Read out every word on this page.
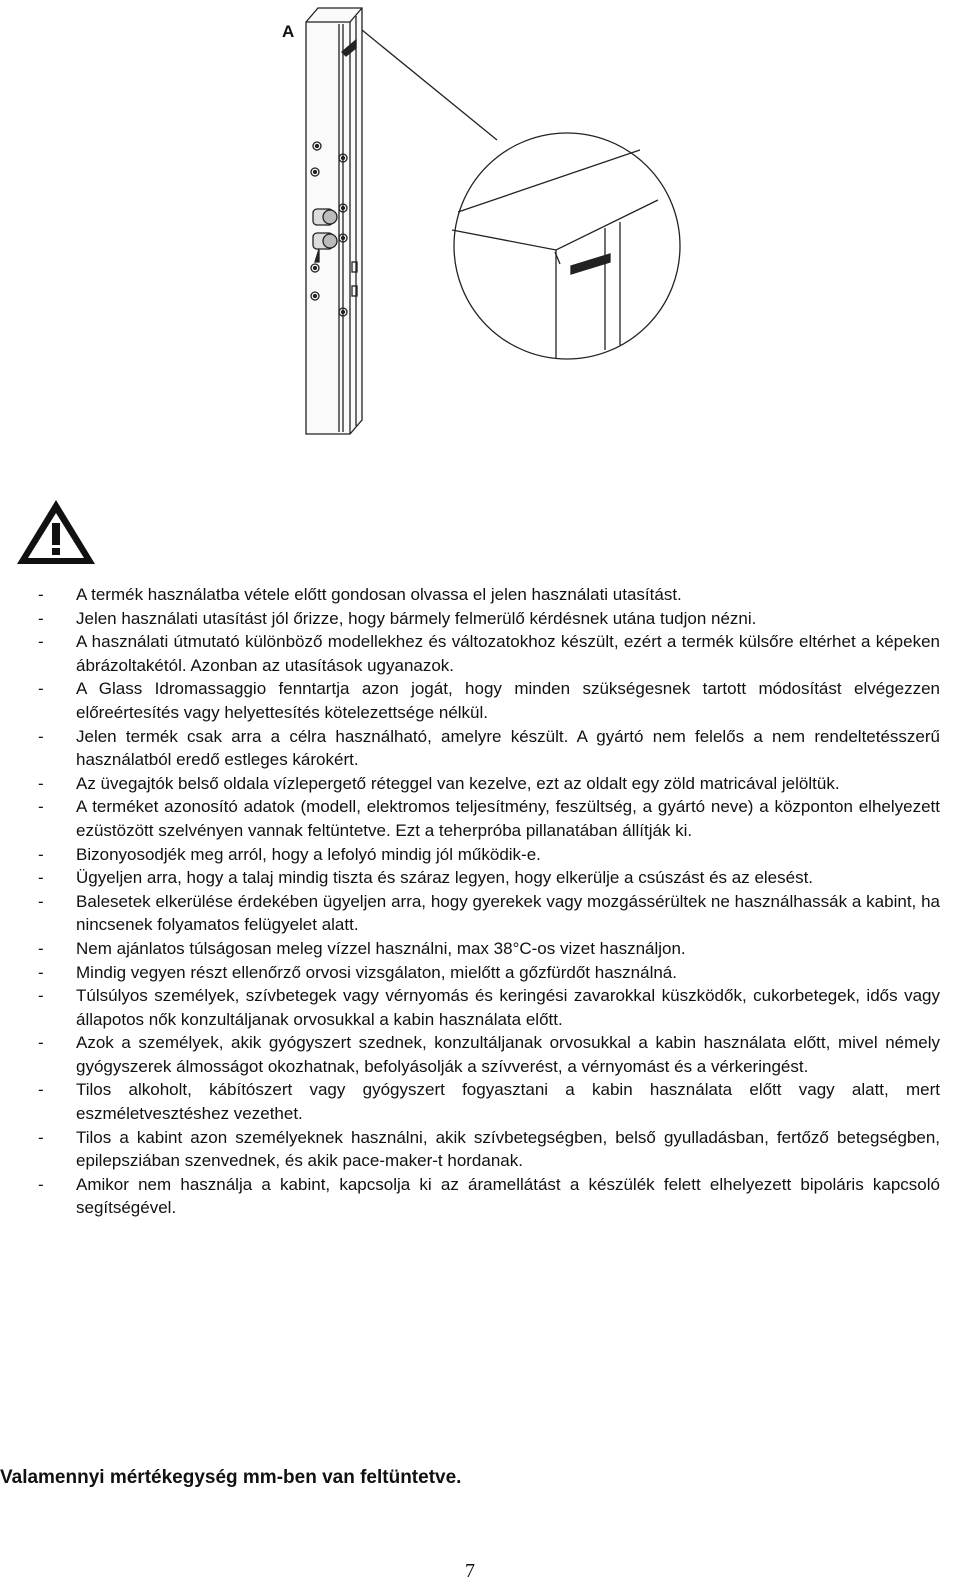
A
- A termék használatba vétele előtt gondosan olvassa el jelen használati utasítást.
- Jelen használati utasítást jól őrizze, hogy bármely felmerülő kérdésnek utána tudjon nézni.
- A használati útmutató különböző modellekhez és változatokhoz készült, ezért a termék külsőre eltérhet a képeken ábrázoltakétól. Azonban az utasítások ugyanazok.
- A Glass Idromassaggio fenntartja azon jogát, hogy minden szükségesnek tartott módosítást elvégezzen előreértesítés vagy helyettesítés kötelezettsége nélkül.
- Jelen termék csak arra a célra használható, amelyre készült. A gyártó nem felelős a nem rendeltetésszerű használatból eredő estleges károkért.
- Az üvegajtók belső oldala vízlepergető réteggel van kezelve, ezt az oldalt egy zöld matricával jelöltük.
- A terméket azonosító adatok (modell, elektromos teljesítmény, feszültség, a gyártó neve) a központon elhelyezett ezüstözött szelvényen vannak feltüntetve. Ezt a teherpróba pillanatában állítják ki.
- Bizonyosodjék meg arról, hogy a lefolyó mindig jól működik-e.
- Ügyeljen arra, hogy a talaj mindig tiszta és száraz legyen, hogy elkerülje a csúszást és az elesést.
- Balesetek elkerülése érdekében ügyeljen arra, hogy gyerekek vagy mozgássérültek ne használhassák a kabint, ha nincsenek folyamatos felügyelet alatt.
- Nem ajánlatos túlságosan meleg vízzel használni, max 38°C-os vizet használjon.
- Mindig vegyen részt ellenőrző orvosi vizsgálaton, mielőtt a gőzfürdőt használná.
- Túlsúlyos személyek, szívbetegek vagy vérnyomás és keringési zavarokkal küszködők, cukorbetegek, idős vagy állapotos nők konzultáljanak orvosukkal a kabin használata előtt.
- Azok a személyek, akik gyógyszert szednek, konzultáljanak orvosukkal a kabin használata előtt, mivel némely gyógyszerek álmosságot okozhatnak, befolyásolják a szívverést, a vérnyomást és a vérkeringést.
- Tilos alkoholt, kábítószert vagy gyógyszert fogyasztani a kabin használata előtt vagy alatt, mert eszméletvesztéshez vezethet.
- Tilos a kabint azon személyeknek használni, akik szívbetegségben, belső gyulladásban, fertőző betegségben, epilepsziában szenvednek, és akik pace-maker-t hordanak.
- Amikor nem használja a kabint, kapcsolja ki az áramellátást a készülék felett elhelyezett bipoláris kapcsoló segítségével.
Valamennyi mértékegység mm-ben van feltüntetve.
7
